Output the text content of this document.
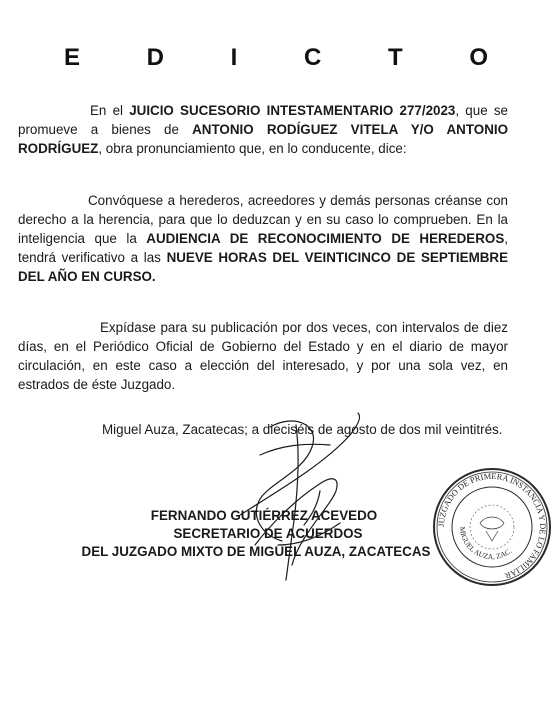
E D I C T O
En el JUICIO SUCESORIO INTESTAMENTARIO 277/2023, que se promueve a bienes de ANTONIO RODÍGUEZ VITELA Y/O ANTONIO RODRÍGUEZ, obra pronunciamiento que, en lo conducente, dice:
Convóquese a herederos, acreedores y demás personas créanse con derecho a la herencia, para que lo deduzcan y en su caso lo comprueben. En la inteligencia que la AUDIENCIA DE RECONOCIMIENTO DE HEREDEROS, tendrá verificativo a las NUEVE HORAS DEL VEINTICINCO DE SEPTIEMBRE DEL AÑO EN CURSO.
Expídase para su publicación por dos veces, con intervalos de diez días, en el Periódico Oficial de Gobierno del Estado y en el diario de mayor circulación, en este caso a elección del interesado, y por una sola vez, en estrados de éste Juzgado.
Miguel Auza, Zacatecas; a dieciséis de agosto de dos mil veintitrés.
JUZGADO DE PRIMERA INSTANCIA Y DE LO FAMILIAR
MIGUEL AUZA, ZAC.
FERNANDO GUTIÉRREZ ACEVEDO
SECRETARIO DE ACUERDOS
DEL JUZGADO MIXTO DE MIGUEL AUZA, ZACATECAS
